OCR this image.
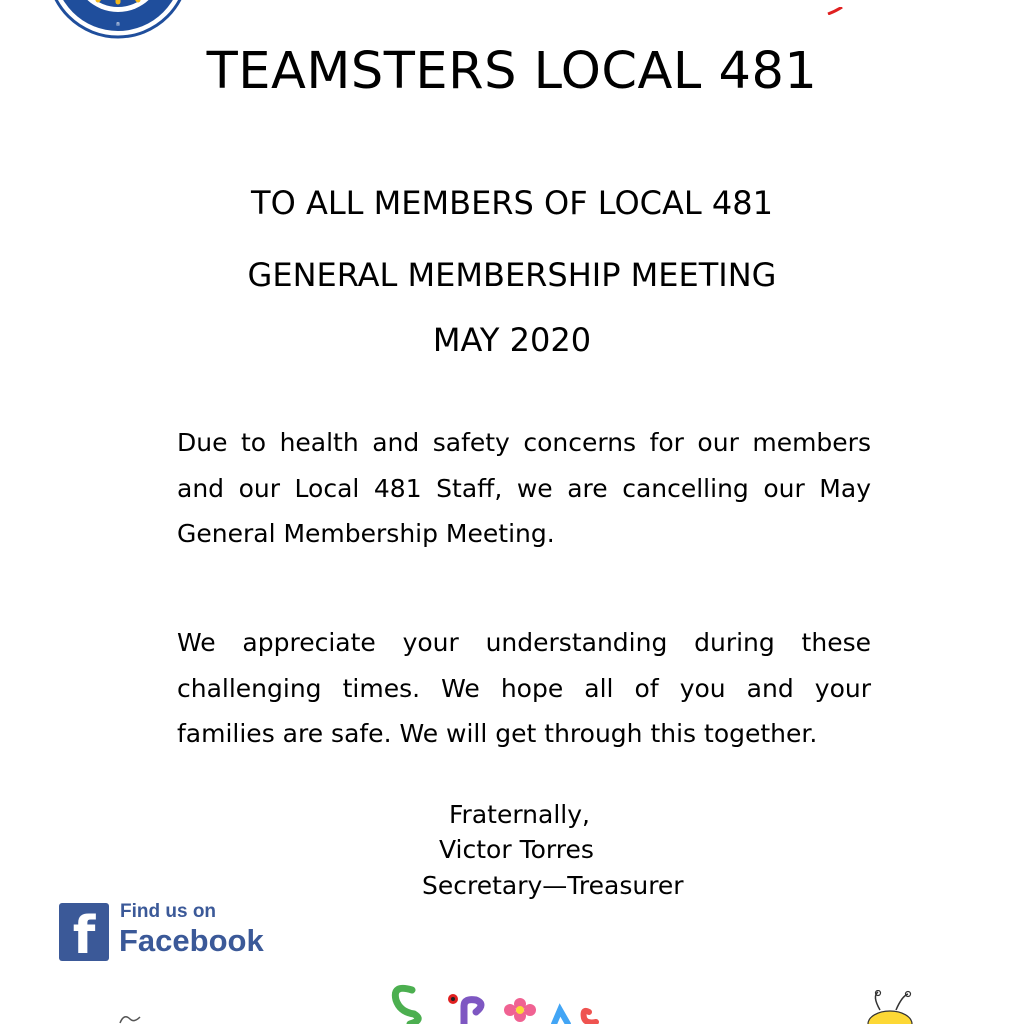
®
TEAMSTERS LOCAL 481
TO ALL MEMBERS OF LOCAL 481
GENERAL MEMBERSHIP MEETING
MAY 2020
Due to health and safety concerns for our members and our Local 481 Staff, we are cancelling our May General Membership Meeting.
We appreciate your understanding during these challenging times. We hope all of you and your families are safe. We will get through this together.
Fraternally,
Victor Torres
Secretary—Treasurer
f	Find us on
Facebook
